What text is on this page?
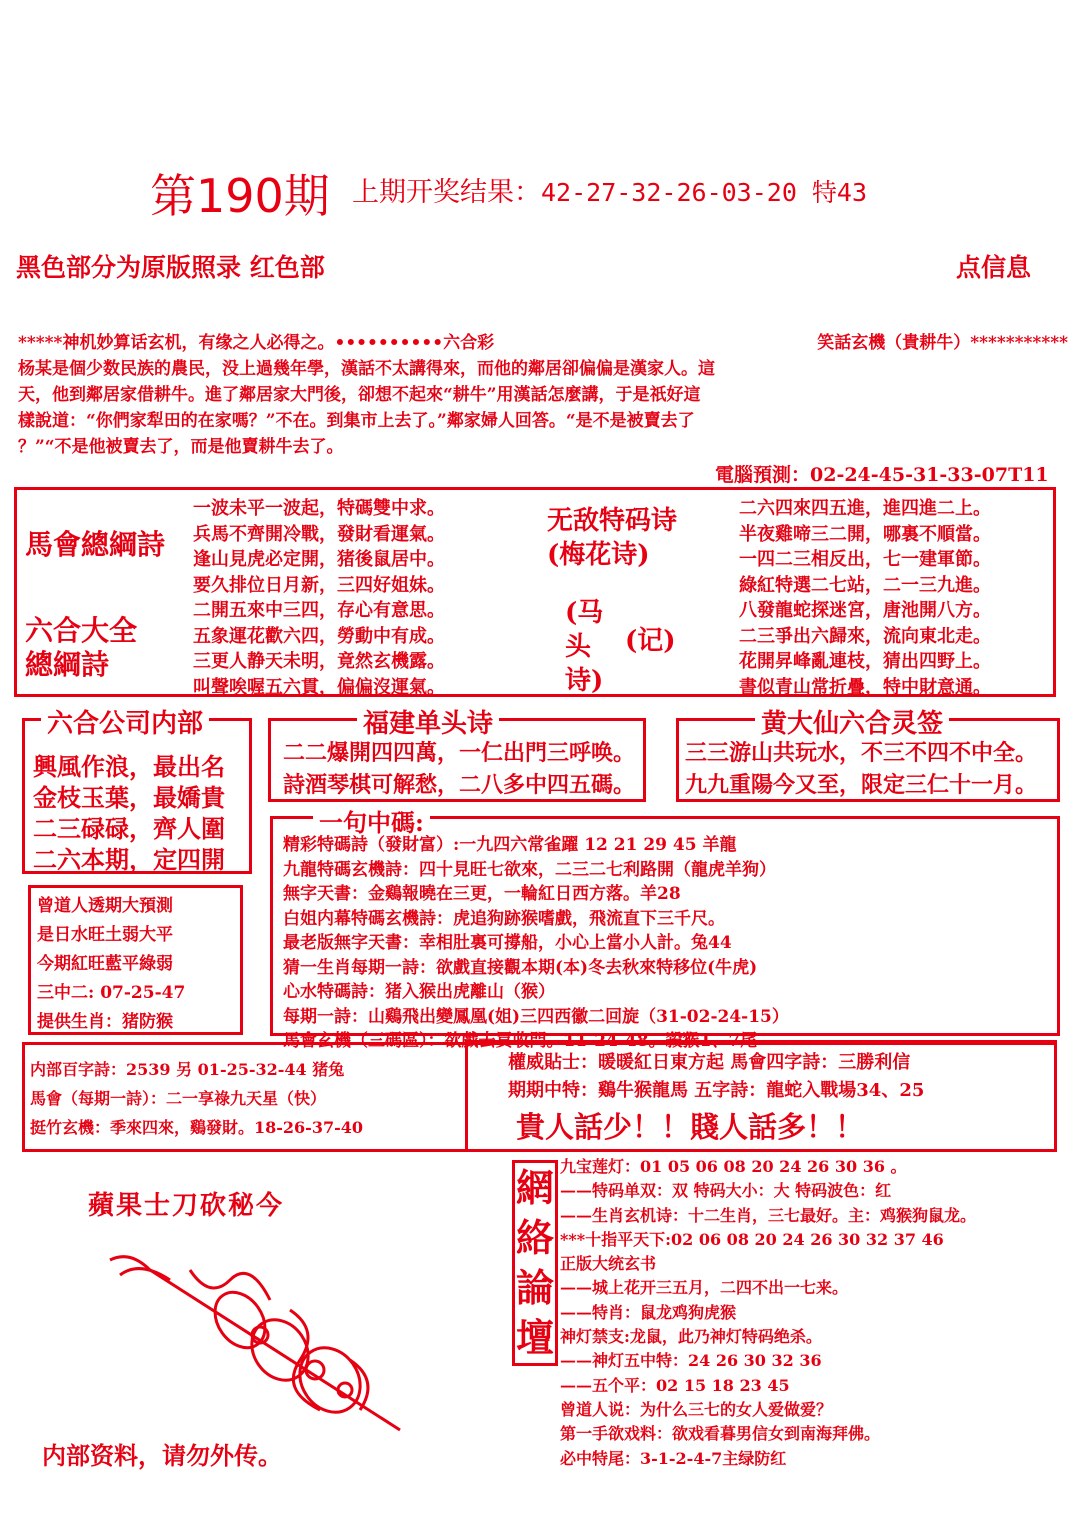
第190期 上期开奖结果：42-27-32-26-03-20 特43
黑色部分为原版照录 红色部	点信息
*****神机妙算话玄机，有缘之人必得之。••••••••••六合彩	笑話玄機（貴耕牛）***********
杨某是個少数民族的農民，没上過幾年學，漢話不太講得來，而他的鄰居卻偏偏是漢家人。這
天，他到鄰居家借耕牛。進了鄰居家大門後，卻想不起來“耕牛”用漢話怎麼講，于是祇好這
樣說道：“你們家犁田的在家嗎？”不在。到集市上去了。”鄰家婦人回答。“是不是被賣去了
？”“不是他被賣去了，而是他賣耕牛去了。
電腦預測：02-24-45-31-33-07T11
馬會總綱詩
六合大全
總綱詩
一波未平一波起，特碼雙中求。
兵馬不齊開冷戰，發財看運氣。
逢山見虎必定開，猪後鼠居中。
要久排位日月新，三四好姐妹。
二開五來中三四，存心有意思。
五象運花歡六四，勞動中有成。
三更人静天未明，竟然玄機露。
叫聲唉喔五六貫，偏偏沒運氣。
无敌特码诗
(梅花诗)
(马
头
诗)
(记)
二六四來四五進，進四進二上。
半夜雞啼三二開，哪裏不順當。
一四二三相反出，七一建軍節。
綠紅特選二七站，二一三九進。
八發龍蛇探迷宮，唐池開八方。
二三爭出六歸來，流向東北走。
花開昇峰亂連枝，猜出四野上。
書似青山常折疊，特中財意通。
六合公司内部
興風作浪，最出名
金枝玉葉，最嬌貴
二三碌碌，齊人圍
二六本期，定四開
福建单头诗
二二爆開四四萬，一仁出門三呼唤。
詩酒琴棋可解愁，二八多中四五碼。
黄大仙六合灵签
三三游山共玩水，不三不四不中全。
九九重陽今又至，限定三仁十一月。
一句中碼:
精彩特碼詩（發財富）:一九四六常雀躍 12 21 29 45 羊龍
九龍特碼玄機詩：四十見旺七欲來，二三二七利路開（龍虎羊狗）
無字天書：金鷄報曉在三更，一輪紅日西方落。羊28
白姐内幕特碼玄機詩：虎追狗跡猴嗜戲，飛流直下三千尺。
最老版無字天書：幸相肚裏可撐船，小心上當小人計。兔44
猜一生肖每期一詩：欲戲直接觀本期(本)冬去秋來特移位(牛虎)
心水特碼詩：猪入猴出虎離山（猴）
每期一詩：山鷄飛出變鳳凰(姐)三四西徽二回旋（31-02-24-15）
馬會玄機（三碼區）：欲戲去買收門。11-24-48。殺猴1、7尾
曾道人透期大預測
是日水旺土弱大平
今期紅旺藍平綠弱
三中二: 07-25-47
提供生肖：猪防猴
内部百字詩：2539 另 01-25-32-44 猪兔
馬會（每期一詩）：二一享祿九天星（快）
挺竹玄機：季來四來，鷄發財。18-26-37-40
權威貼士：暖暖紅日東方起 馬會四字詩：三勝利信
期期中特：鷄牛猴龍馬 五字詩：龍蛇入戰場34、25
貴人話少！！賤人話多！！
蘋果士刀砍秘今
内部资料，请勿外传。
網
絡
論
壇
九宝莲灯：01 05 06 08 20 24 26 30 36 。
——特码单双：双 特码大小：大 特码波色：红
——生肖玄机诗：十二生肖，三七最好。主：鸡猴狗鼠龙。
***十指平天下:02 06 08 20 24 26 30 32 37 46
正版大统玄书
——城上花开三五月，二四不出一七来。
——特肖：鼠龙鸡狗虎猴
神灯禁支:龙鼠，此乃神灯特码绝杀。
——神灯五中特：24 26 30 32 36
——五个平：02 15 18 23 45
曾道人说：为什么三七的女人爱做爱？
第一手欲戏料：欲戏看暮男信女到南海拜佛。
必中特尾：3-1-2-4-7主绿防红
